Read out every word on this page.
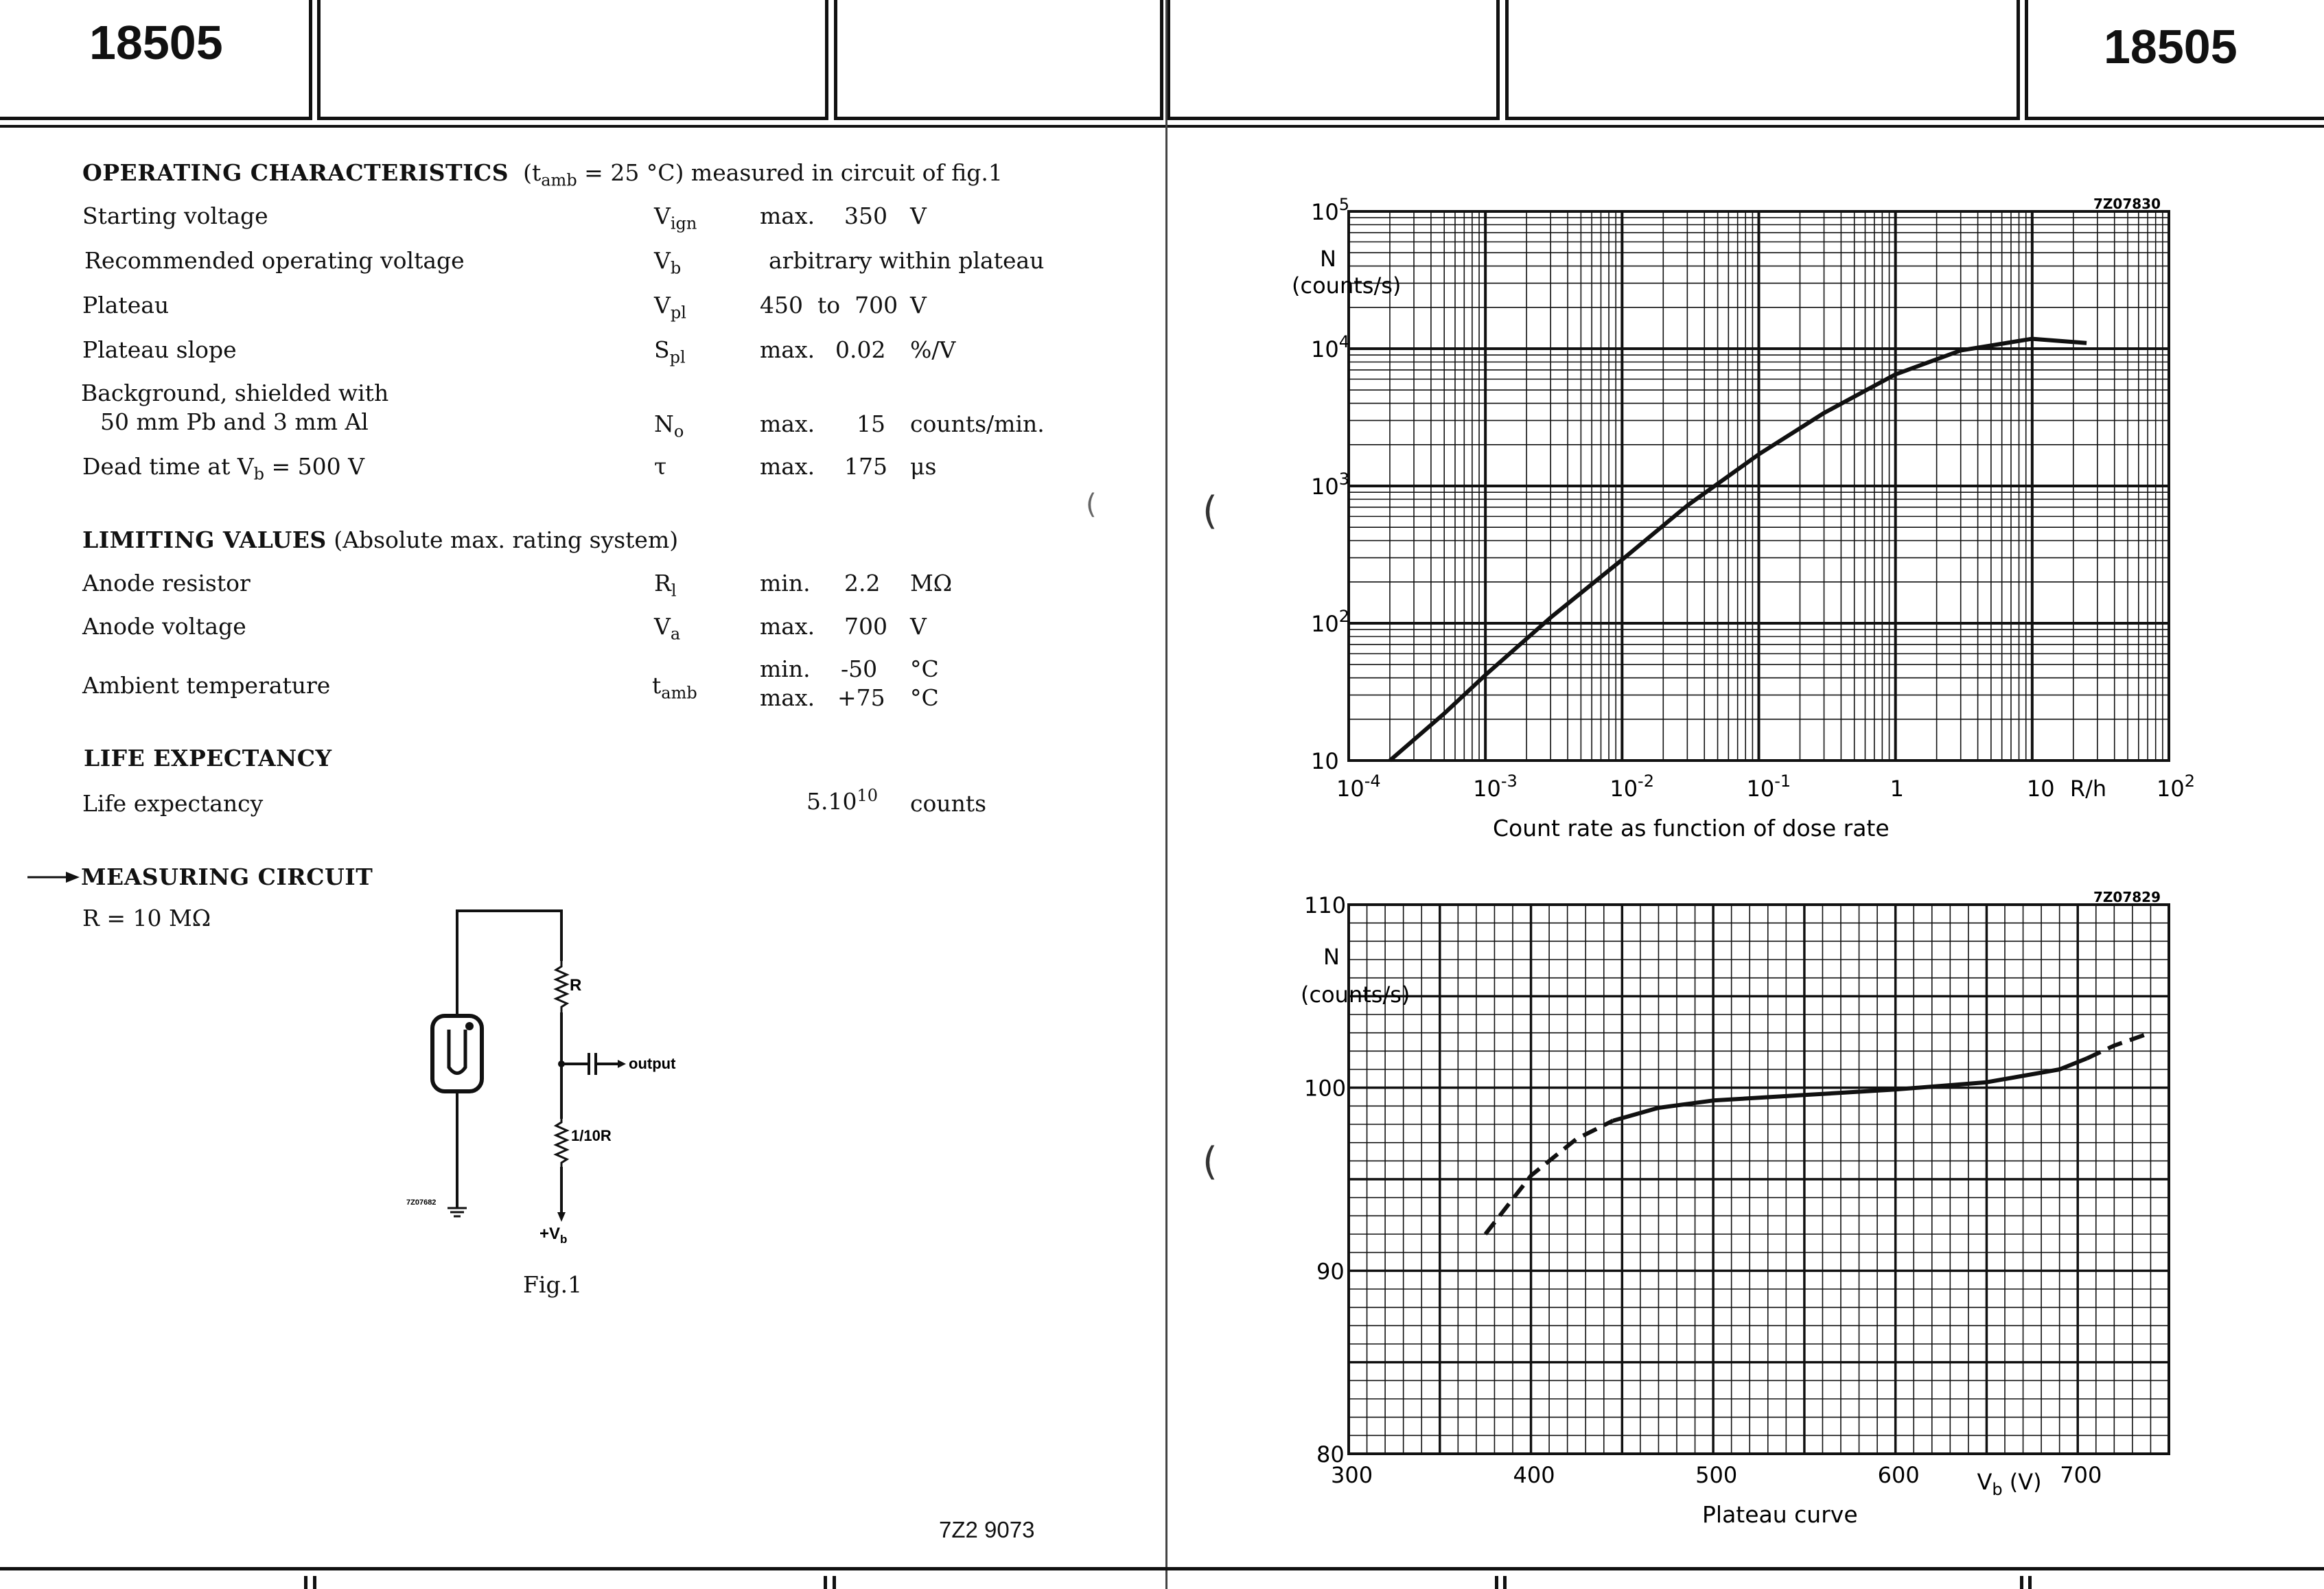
18505	18505
7Z2 9073
OPERATING CHARACTERISTICS ($t_{amb} = 25$ °C) measured in circuit of fig.1
Starting voltage	$V_{ign}$	max. 350 V
Recommended operating voltage	$V_b$	arbitrary within plateau
Plateau	$V_{pl}$	450  to  700 V
Plateau slope	$S_{pl}$	max. 0.02 %/V
Background, shielded with
50 mm Pb and 3 mm Al	$N_o$	max. 15 counts/min.
Dead time at $V_b = 500$ V	τ	max. 175 μs
LIMITING VALUES (Absolute max. rating system)
Anode resistor	$R_l$	min. 2.2 MΩ
Anode voltage	$V_a$	max. 700 V
Ambient temperature	$t_{amb}$
min. -50 °C
max. +75 °C
LIFE EXPECTANCY
Life expectancy	5.10$^{10}$ counts
MEASURING CIRCUIT
R = 10 MΩ
R
output
1/10R
$+V_b$
7Z07682
Fig.1
(	(
(
$10^{-4}$	$10^{-3}$	$10^{-2}$	$10^{-1}$	1	10	$10^2$
R/h
10
$10^2$
$10^3$
$10^4$
$10^5$
N
(counts/s)
7Z07830
Count rate as function of dose rate
300	400	500	600	700
$V_b$ (V)
80
90
100
110
N
(counts/s)
7Z07829
Plateau curve
